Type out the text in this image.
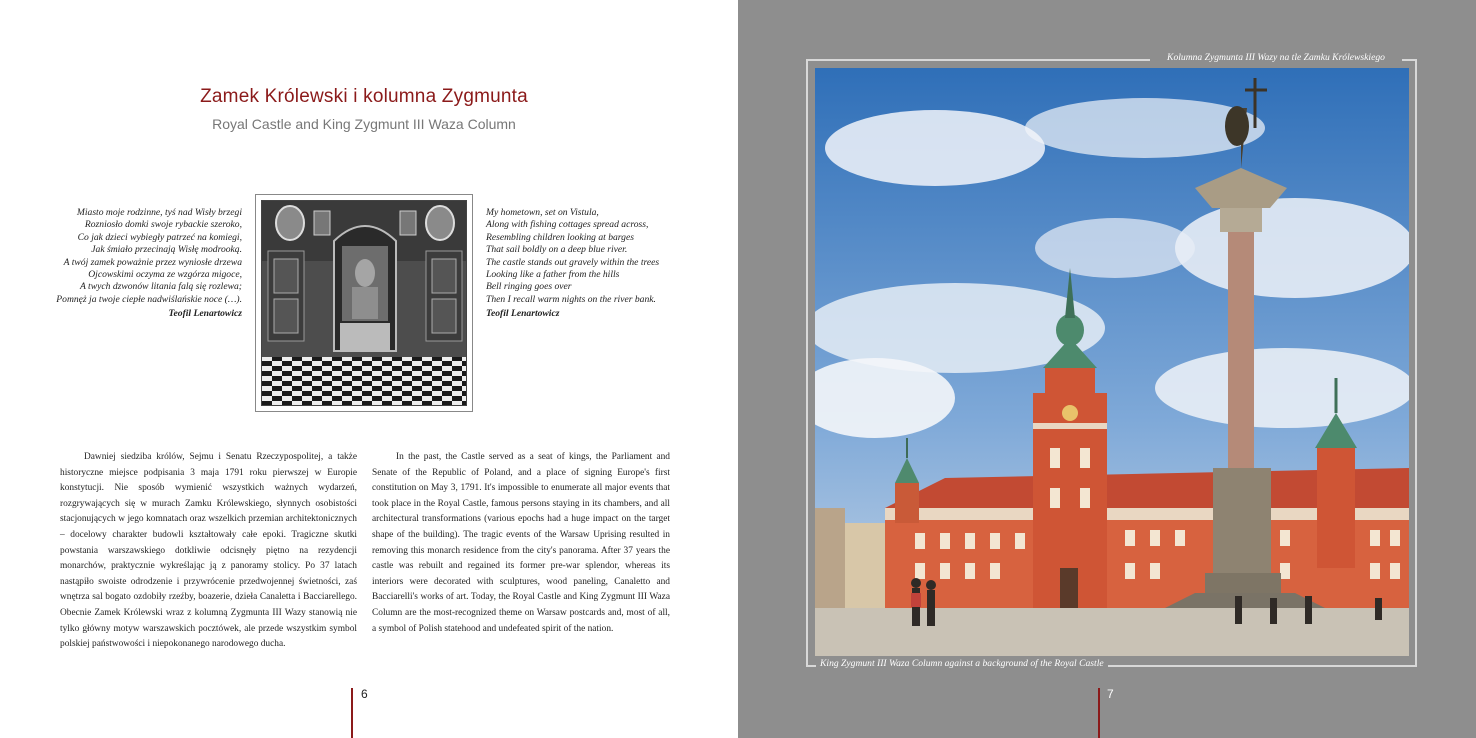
Zamek Królewski i kolumna Zygmunta
Royal Castle and King Zygmunt III Waza Column
Miasto moje rodzinne, tyś nad Wisły brzegi
Rozniosło domki swoje rybackie szeroko,
Co jak dzieci wybiegły patrzeć na komiegi,
Jak śmiało przecinają Wisłę modrooką.
A twój zamek poważnie przez wyniosłe drzewa
Ojcowskimi oczyma ze wzgórza migoce,
A twych dzwonów litania falą się rozlewa;
Pomnęż ja twoje ciepłe nadwiślańskie noce (…).
Teofil Lenartowicz
My hometown, set on Vistula,
Along with fishing cottages spread across,
Resembling children looking at barges
That sail boldly on a deep blue river.
The castle stands out gravely within the trees
Looking like a father from the hills
Bell ringing goes over
Then I recall warm nights on the river bank.
Teofil Lenartowicz

Dawniej siedziba królów, Sejmu i Senatu Rzeczypospolitej, a także historyczne miejsce podpisania 3 maja 1791 roku pierwszej w Europie konstytucji. Nie sposób wymienić wszystkich ważnych wydarzeń, rozgrywających się w murach Zamku Królewskiego, słynnych osobistości stacjonujących w jego komnatach oraz wszelkich przemian architektonicznych – docelowy charakter budowli kształtowały całe epoki. Tragiczne skutki powstania warszawskiego dotkliwie odcisnęły piętno na rezydencji monarchów, praktycznie wykreślając ją z panoramy stolicy. Po 37 latach nastąpiło swoiste odrodzenie i przywrócenie przedwojennej świetności, zaś wnętrza sal bogato ozdobiły rzeźby, boazerie, dzieła Canaletta i Bacciarellego. Obecnie Zamek Królewski wraz z kolumną Zygmunta III Wazy stanowią nie tylko główny motyw warszawskich pocztówek, ale przede wszystkim symbol polskiej państwowości i niepokonanego narodowego ducha.

In the past, the Castle served as a seat of kings, the Parliament and Senate of the Republic of Poland, and a place of signing Europe's first constitution on May 3, 1791. It's impossible to enumerate all major events that took place in the Royal Castle, famous persons staying in its chambers, and all architectural transformations (various epochs had a huge impact on the target shape of the building). The tragic events of the Warsaw Uprising resulted in removing this monarch residence from the city's panorama. After 37 years the castle was rebuilt and regained its former pre-war splendor, whereas its interiors were decorated with sculptures, wood paneling, Canaletto and Bacciarelli's works of art. Today, the Royal Castle and King Zygmunt III Waza Column are the most-recognized theme on Warsaw postcards and, most of all, a symbol of Polish statehood and undefeated spirit of the nation.

6
Kolumna Zygmunta III Wazy na tle Zamku Królewskiego
King Zygmunt III Waza Column against a background of the Royal Castle
7
